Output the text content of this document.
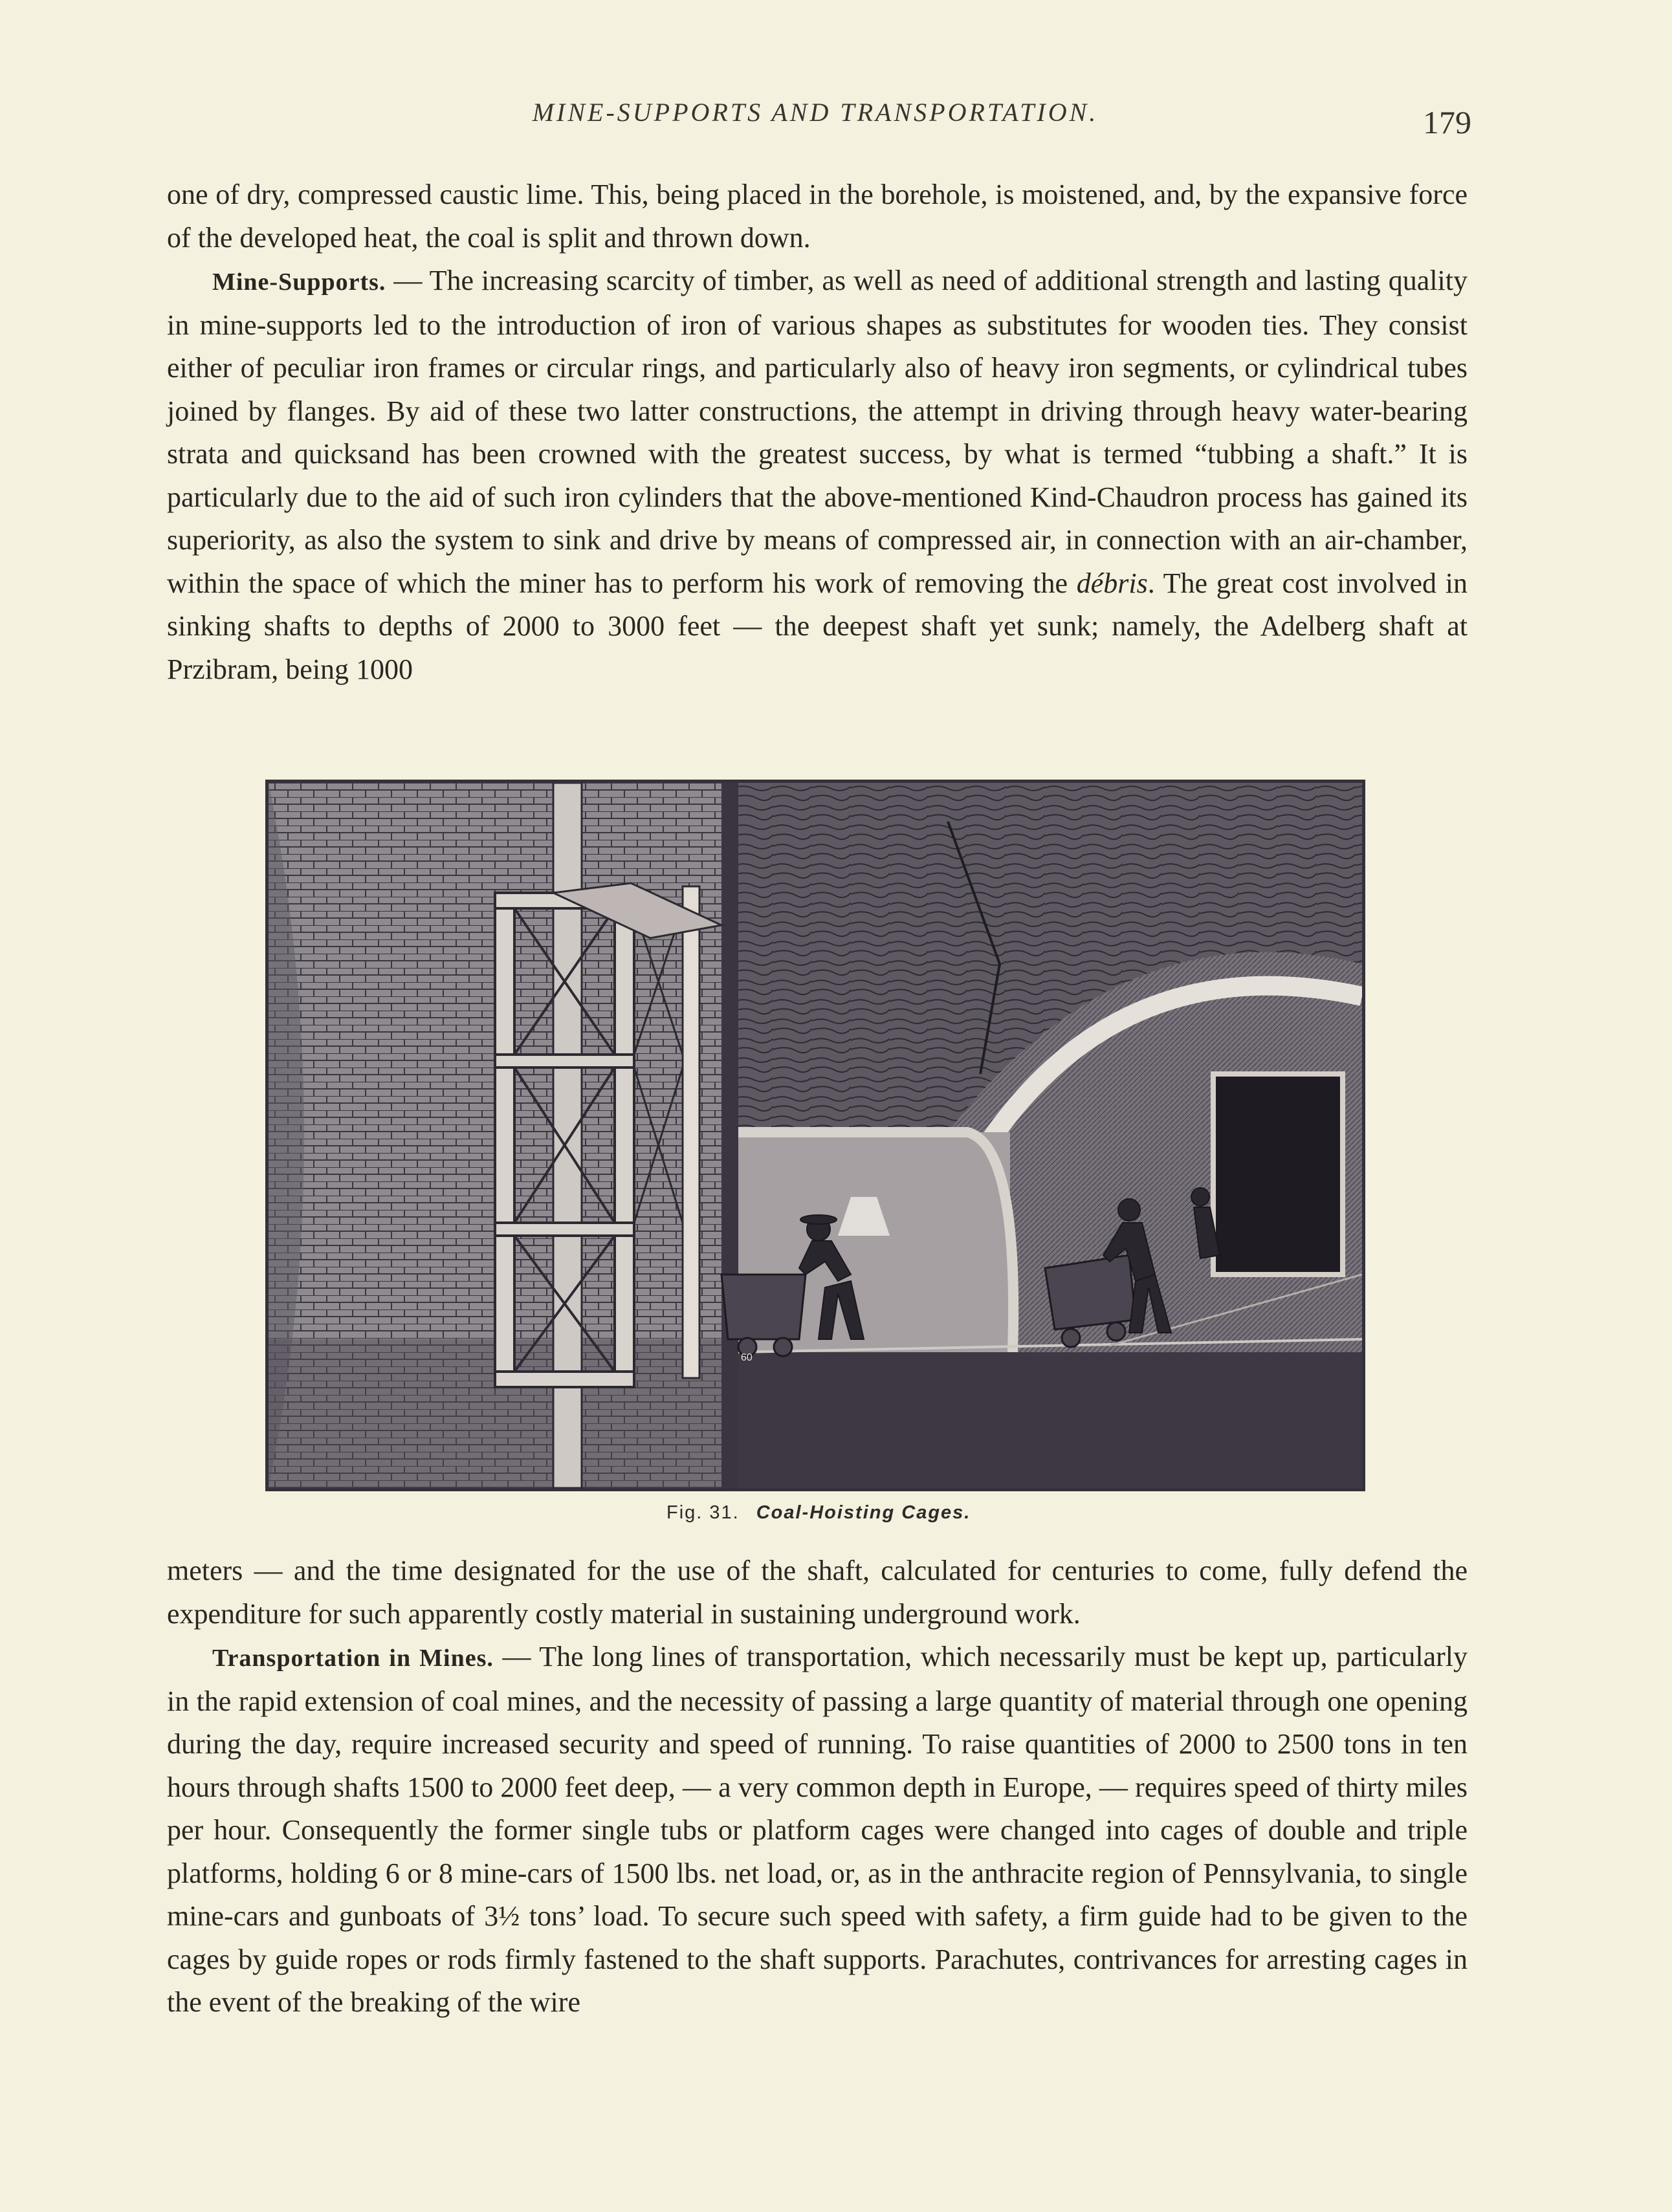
MINE-SUPPORTS AND TRANSPORTATION.	179

one of dry, compressed caustic lime. This, being placed in the borehole, is moistened, and, by the expansive force of the developed heat, the coal is split and thrown down.

Mine-Supports. — The increasing scarcity of timber, as well as need of additional strength and lasting quality in mine-supports led to the introduction of iron of various shapes as substitutes for wooden ties. They consist either of peculiar iron frames or circular rings, and particularly also of heavy iron segments, or cylindrical tubes joined by flanges. By aid of these two latter constructions, the attempt in driving through heavy water-bearing strata and quicksand has been crowned with the greatest success, by what is termed “tubbing a shaft.” It is particularly due to the aid of such iron cylinders that the above-mentioned Kind-Chaudron process has gained its superiority, as also the system to sink and drive by means of compressed air, in connection with an air-chamber, within the space of which the miner has to perform his work of removing the débris. The great cost involved in sinking shafts to depths of 2000 to 3000 feet — the deepest shaft yet sunk; namely, the Adelberg shaft at Przibram, being 1000

60
Fig. 31. Coal-Hoisting Cages.

meters — and the time designated for the use of the shaft, calculated for centuries to come, fully defend the expenditure for such apparently costly material in sustaining underground work.

Transportation in Mines. — The long lines of transportation, which necessarily must be kept up, particularly in the rapid extension of coal mines, and the necessity of passing a large quantity of material through one opening during the day, require increased security and speed of running. To raise quantities of 2000 to 2500 tons in ten hours through shafts 1500 to 2000 feet deep, — a very common depth in Europe, — requires speed of thirty miles per hour. Consequently the former single tubs or platform cages were changed into cages of double and triple platforms, holding 6 or 8 mine-cars of 1500 lbs. net load, or, as in the anthracite region of Pennsylvania, to single mine-cars and gunboats of 3½ tons’ load. To secure such speed with safety, a firm guide had to be given to the cages by guide ropes or rods firmly fastened to the shaft supports. Parachutes, contrivances for arresting cages in the event of the breaking of the wire
